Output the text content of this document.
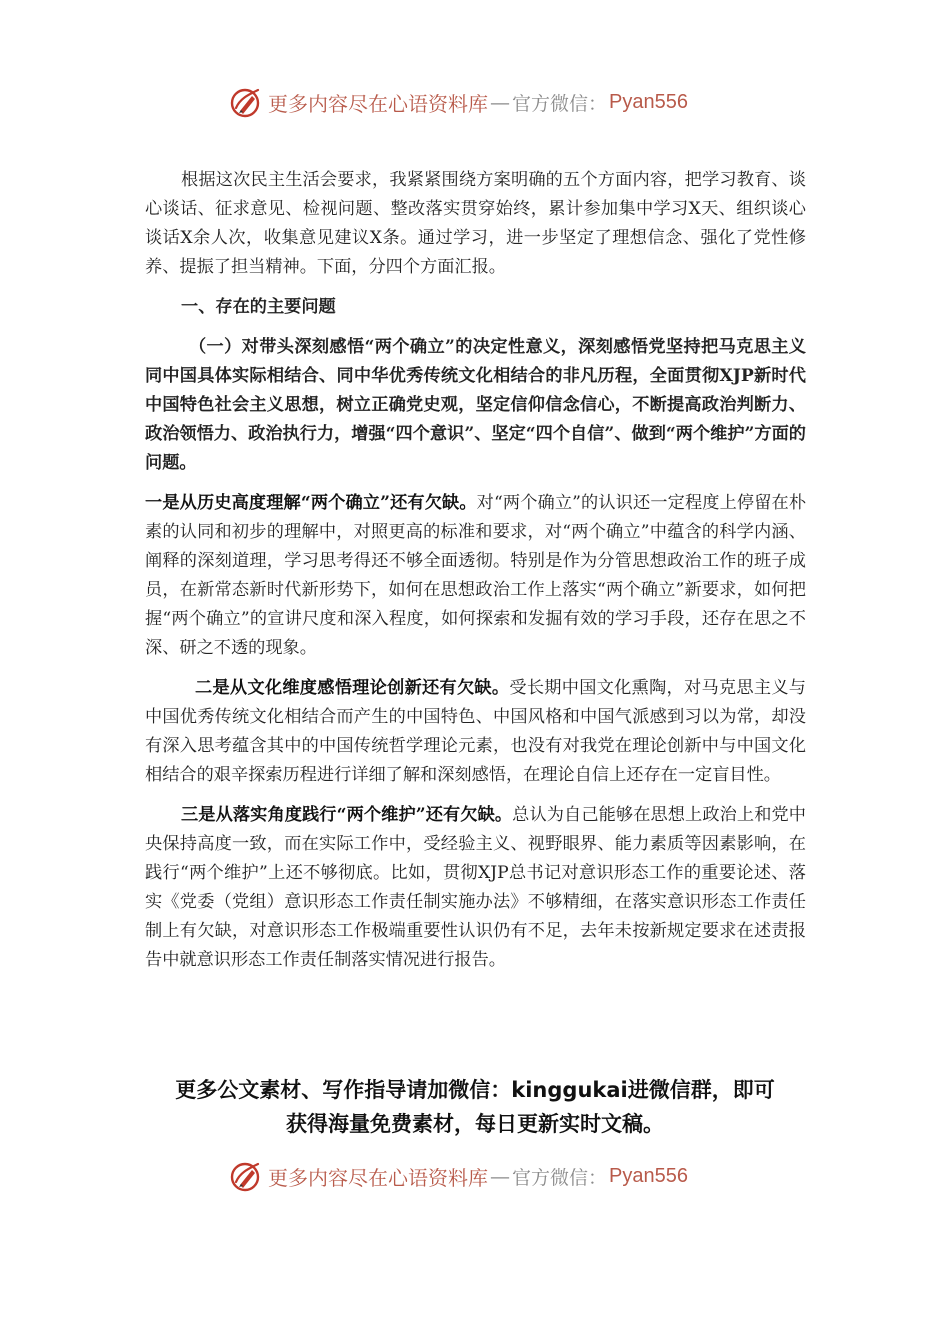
更多内容尽在心语资料库 — 官方微信： Pyan556

根据这次民主生活会要求，我紧紧围绕方案明确的五个方面内容，把学习教育、谈心谈话、征求意见、检视问题、整改落实贯穿始终，累计参加集中学习X天、组织谈心谈话X余人次，收集意见建议X条。通过学习，进一步坚定了理想信念、强化了党性修养、提振了担当精神。下面，分四个方面汇报。

一、存在的主要问题

（一）对带头深刻感悟“两个确立”的决定性意义，深刻感悟党坚持把马克思主义同中国具体实际相结合、同中华优秀传统文化相结合的非凡历程，全面贯彻XJP新时代中国特色社会主义思想，树立正确党史观，坚定信仰信念信心，不断提高政治判断力、政治领悟力、政治执行力，增强“四个意识”、坚定“四个自信”、做到“两个维护”方面的问题。

一是从历史高度理解“两个确立”还有欠缺。对“两个确立”的认识还一定程度上停留在朴素的认同和初步的理解中，对照更高的标准和要求，对“两个确立”中蕴含的科学内涵、阐释的深刻道理，学习思考得还不够全面透彻。特别是作为分管思想政治工作的班子成员，在新常态新时代新形势下，如何在思想政治工作上落实“两个确立”新要求，如何把握“两个确立”的宣讲尺度和深入程度，如何探索和发掘有效的学习手段，还存在思之不深、研之不透的现象。

二是从文化维度感悟理论创新还有欠缺。受长期中国文化熏陶，对马克思主义与中国优秀传统文化相结合而产生的中国特色、中国风格和中国气派感到习以为常，却没有深入思考蕴含其中的中国传统哲学理论元素，也没有对我党在理论创新中与中国文化相结合的艰辛探索历程进行详细了解和深刻感悟，在理论自信上还存在一定盲目性。

三是从落实角度践行“两个维护”还有欠缺。总认为自己能够在思想上政治上和党中央保持高度一致，而在实际工作中，受经验主义、视野眼界、能力素质等因素影响，在践行“两个维护”上还不够彻底。比如，贯彻XJP总书记对意识形态工作的重要论述、落实《党委（党组）意识形态工作责任制实施办法》不够精细，在落实意识形态工作责任制上有欠缺，对意识形态工作极端重要性认识仍有不足，去年未按新规定要求在述责报告中就意识形态工作责任制落实情况进行报告。

更多公文素材、写作指导请加微信：kinggukai进微信群，即可
获得海量免费素材，每日更新实时文稿。
更多内容尽在心语资料库 — 官方微信： Pyan556
